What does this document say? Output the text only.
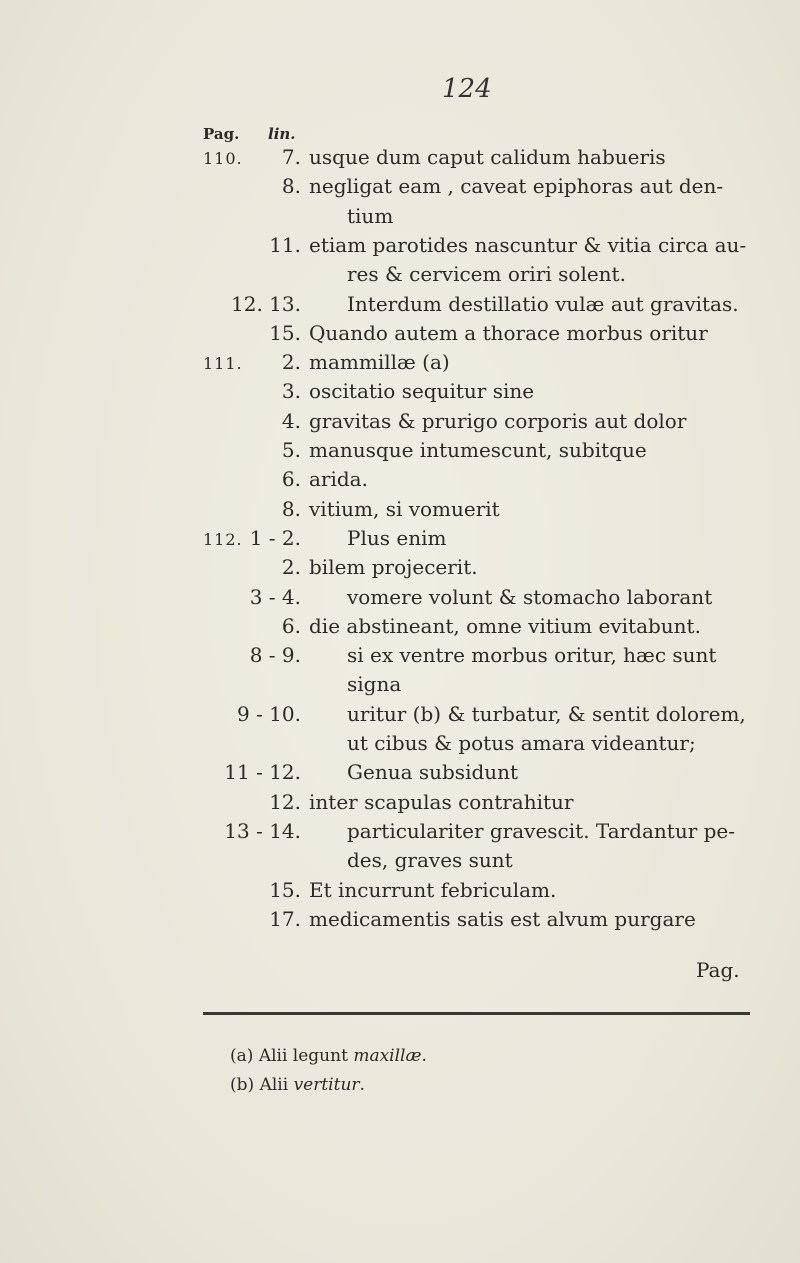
124
Pag. lin.
110.	7. usque dum caput calidum habueris
8. negligat eam , caveat epiphoras aut den-
tium
11. etiam parotides nascuntur & vitia circa au-
res & cervicem oriri solent.
12. 13. Interdum destillatio vulæ aut gravitas.
15. Quando autem a thorace morbus oritur
111.	2. mammillæ (a)
3. oscitatio sequitur sine
4. gravitas & prurigo corporis aut dolor
5. manusque intumescunt, subitque
6. arida.
8. vitium, si vomuerit
112. 1 - 2. Plus enim
2. bilem projecerit.
3 - 4. vomere volunt & stomacho laborant
6. die abstineant, omne vitium evitabunt.
8 - 9. si ex ventre morbus oritur, hæc sunt
signa
9 - 10. uritur (b) & turbatur, & sentit dolorem,
ut cibus & potus amara videantur;
11 - 12. Genua subsidunt
12. inter scapulas contrahitur
13 - 14. particulariter gravescit. Tardantur pe-
des, graves sunt
15. Et incurrunt febriculam.
17. medicamentis satis est alvum purgare
Pag.
(a) Alii legunt maxillæ.
(b) Alii vertitur.
